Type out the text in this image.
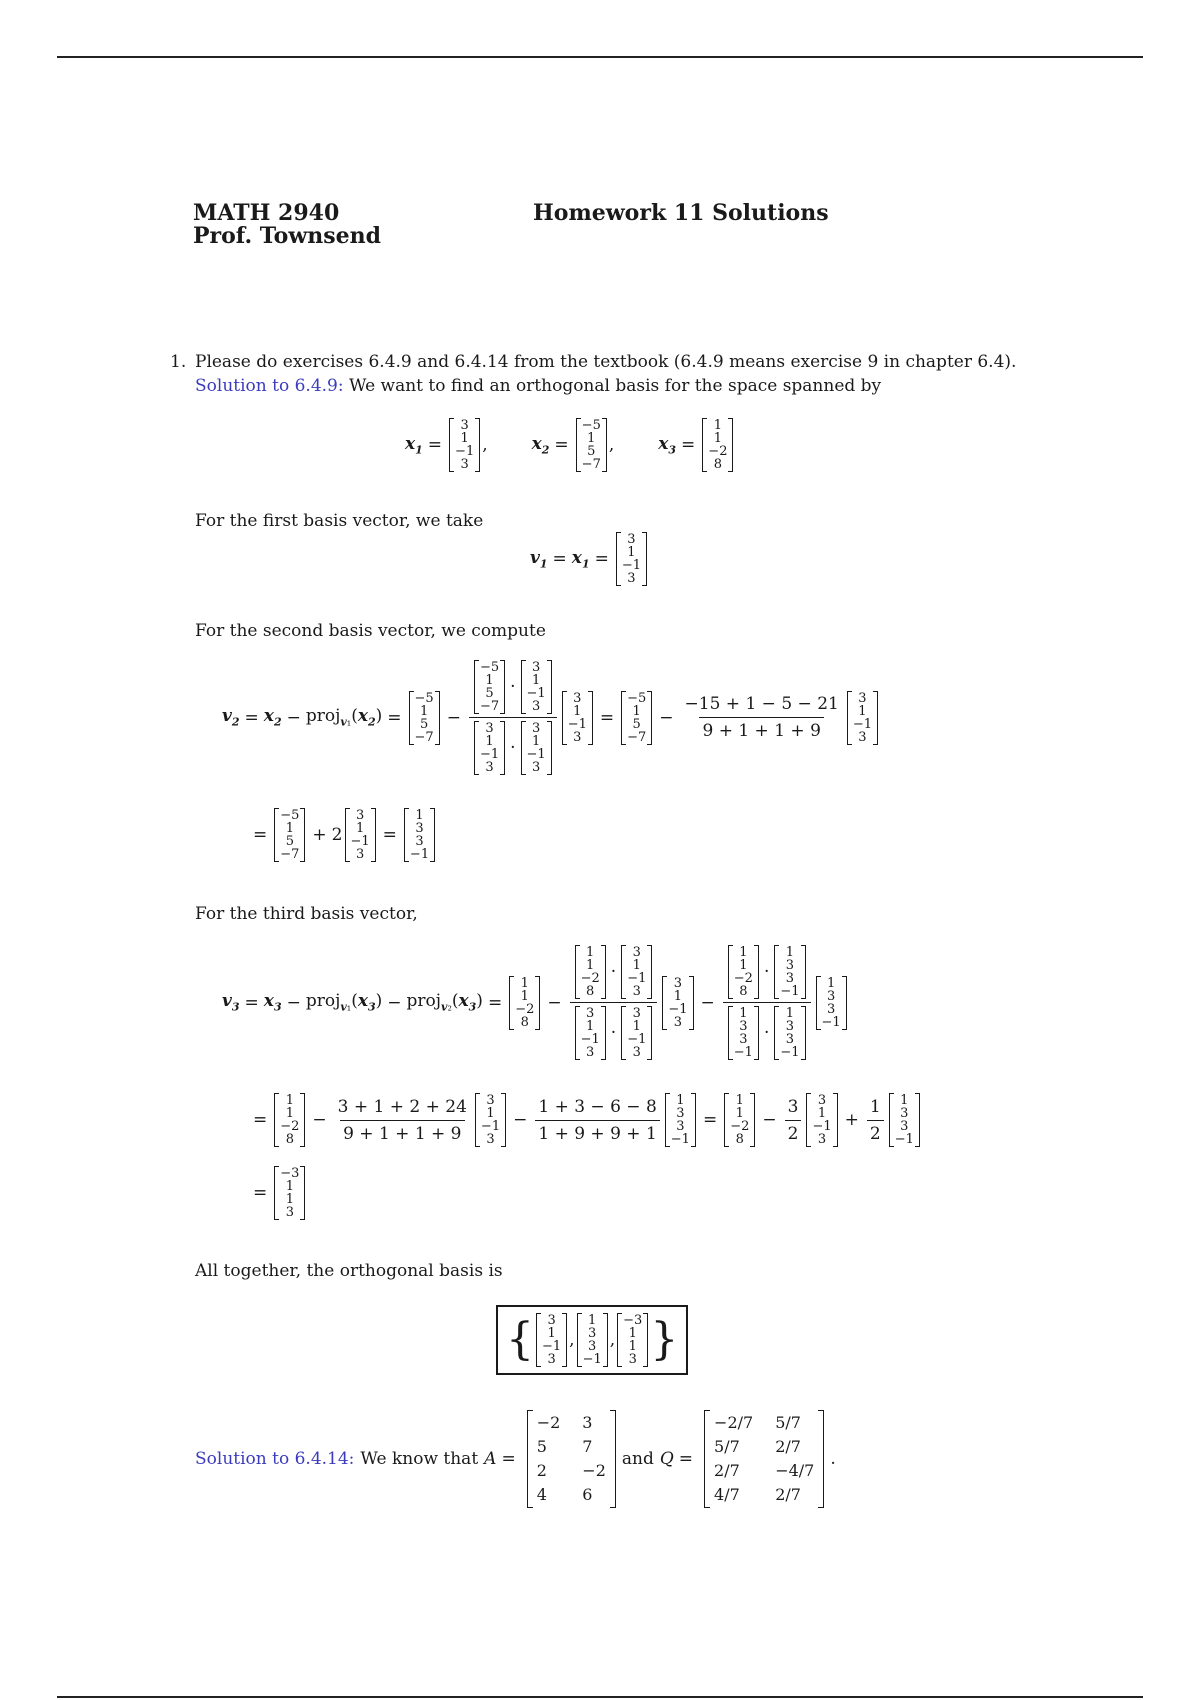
MATH 2940
Prof. Townsend
Homework 11 Solutions
1. Please do exercises 6.4.9 and 6.4.14 from the textbook (6.4.9 means exercise 9 in chapter 6.4).
Solution to 6.4.9: We want to find an orthogonal basis for the space spanned by
$x_1$ =
3
1
−1
3
,	$x_2$ =
−5
1
5
−7
,	$x_3$ =
1
1
−2
8
For the first basis vector, we take
$v_1 = x_1$ =
3
1
−1
3
For the second basis vector, we compute
$v_2 = x_2$ − $proj_{v_1}(x_2)$ =
−5
1
5
−7
− −5
1
5
−7
·
3
1
−1
3
3
1
−1
3
·
3
1
−1
3 3
1
−1
3
=
−5
1
5
−7
− $\frac{-15 + 1 - 5 - 21}{9 + 1 + 1 + 9} 3$
1
−1
3
=
−5
1
5
−7
+ 2
3
1
−1
3
=
1
3
3
−1
For the third basis vector,
$v_3 = x_3$ − $proj_{v_1}(x_3)$ − $proj_{v_2}(x_3)$ =
1
1
−2
8
− 1
1
−2
8
·
3
1
−1
3
3
1
−1
3
·
3
1
−1
3 3
1
−1
3
− 1
1
−2
8
·
1
3
3
−1
1
3
3
−1
·
1
3
3
−1 1
3
3
−1
=
1
1
−2
8
− $\frac{3 + 1 + 2 + 24}{9 + 1 + 1 + 9} 3$
1
−1
3
− $\frac{1 + 3 - 6 - 8}{1 + 9 + 9 + 1} 1$
3
3
−1
=
1
1
−2
8
− $\frac{3}{2} 3$
1
−1
3
+ $\frac{1}{2} 1$
3
3
−1
=
−3
1
1
3
All together, the orthogonal basis is
{ 3
1
−1
3
,
1
3
3
−1
,
−3
1
1
3 }
Solution to 6.4.14: We know that A =
−2 3
5	7
2	−2
4	6
and Q =
−2/7 5/7
5/7	2/7
2/7	−4/7
4/7	2/7
.
